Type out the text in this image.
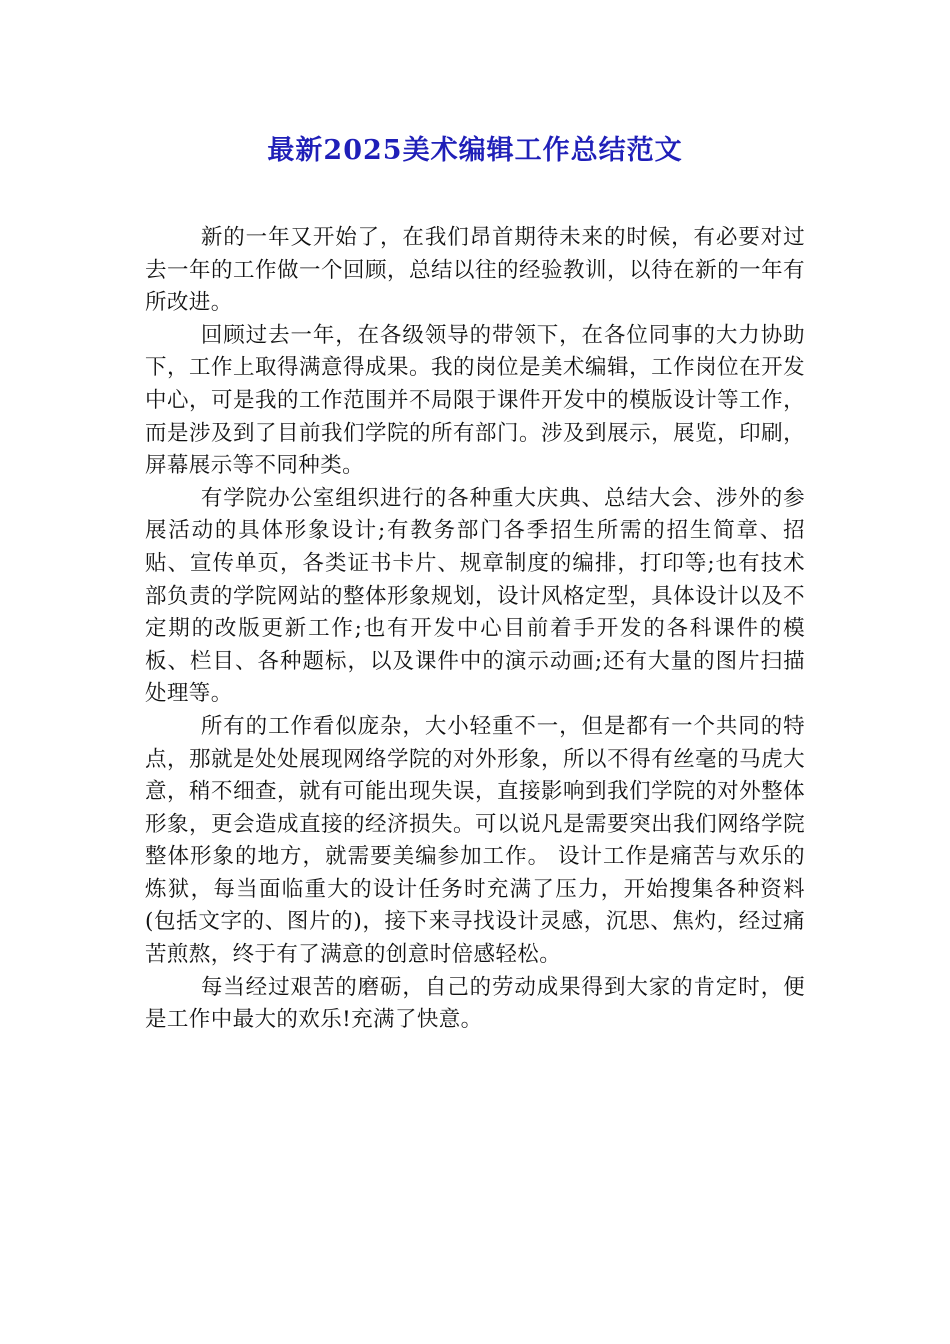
最新2025美术编辑工作总结范文

新的一年又开始了，在我们昂首期待未来的时候，有必要对过去一年的工作做一个回顾，总结以往的经验教训，以待在新的一年有所改进。

回顾过去一年，在各级领导的带领下，在各位同事的大力协助下，工作上取得满意得成果。我的岗位是美术编辑，工作岗位在开发中心，可是我的工作范围并不局限于课件开发中的模版设计等工作，而是涉及到了目前我们学院的所有部门。涉及到展示，展览，印刷，屏幕展示等不同种类。

有学院办公室组织进行的各种重大庆典、总结大会、涉外的参展活动的具体形象设计;有教务部门各季招生所需的招生简章、招贴、宣传单页，各类证书卡片、规章制度的编排，打印等;也有技术部负责的学院网站的整体形象规划，设计风格定型，具体设计以及不定期的改版更新工作;也有开发中心目前着手开发的各科课件的模板、栏目、各种题标，以及课件中的演示动画;还有大量的图片扫描处理等。

所有的工作看似庞杂，大小轻重不一，但是都有一个共同的特点，那就是处处展现网络学院的对外形象，所以不得有丝毫的马虎大意，稍不细查，就有可能出现失误，直接影响到我们学院的对外整体形象，更会造成直接的经济损失。可以说凡是需要突出我们网络学院整体形象的地方，就需要美编参加工作。 设计工作是痛苦与欢乐的炼狱，每当面临重大的设计任务时充满了压力，开始搜集各种资料(包括文字的、图片的)，接下来寻找设计灵感，沉思、焦灼，经过痛苦煎熬，终于有了满意的创意时倍感轻松。

每当经过艰苦的磨砺，自己的劳动成果得到大家的肯定时，便是工作中最大的欢乐!充满了快意。
